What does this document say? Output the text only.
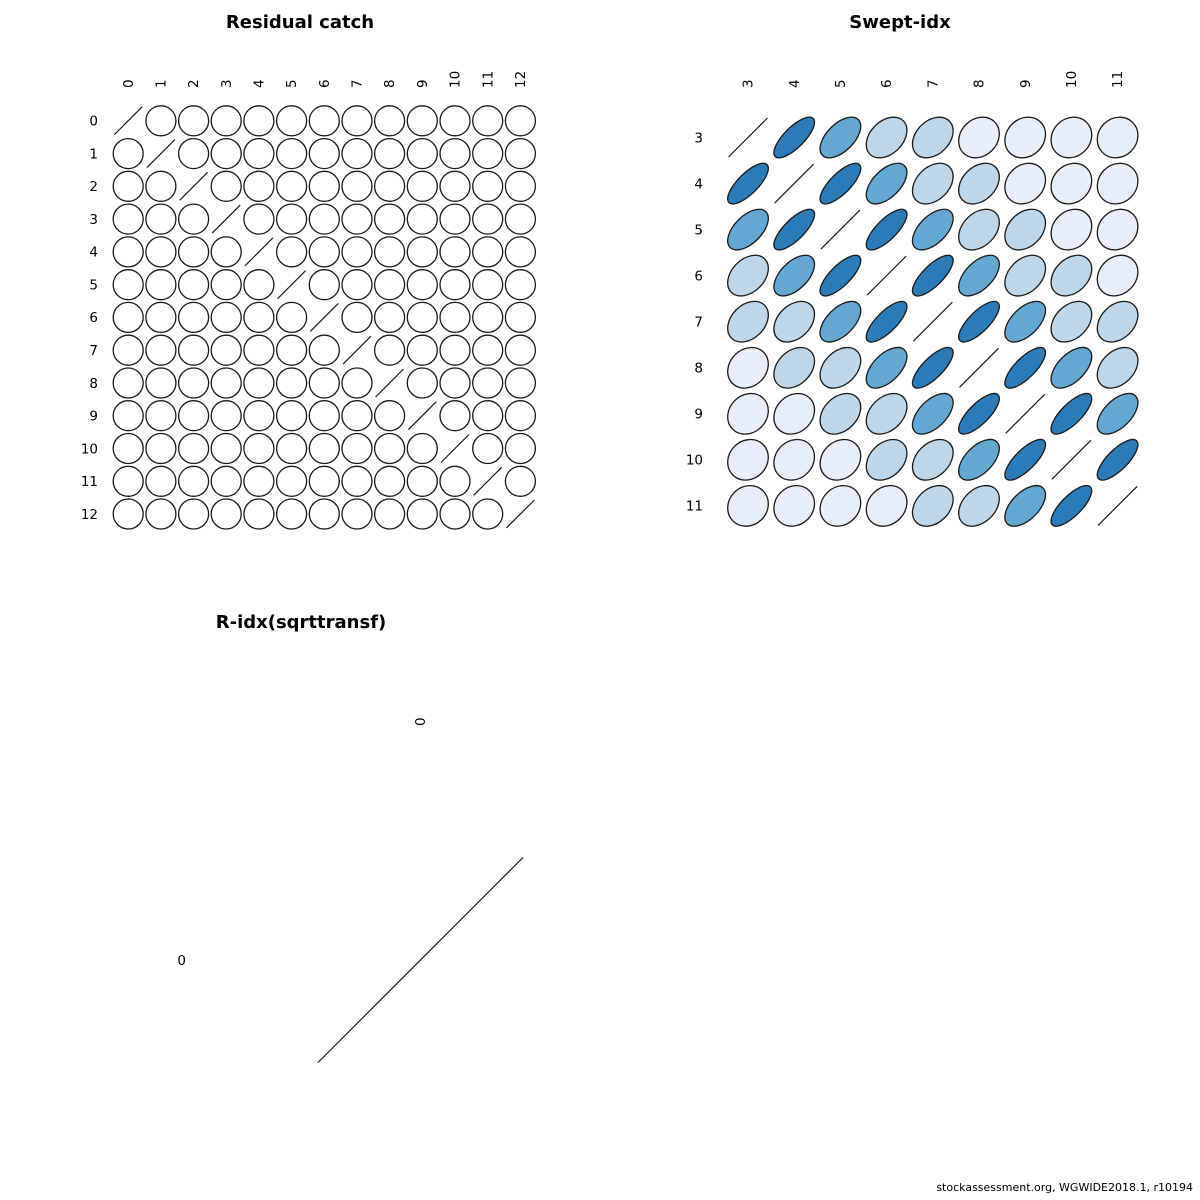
Residual catch	Swept-idx
R-idx(sqrttransf)
0 1 2 3 4 5 6 7 8 9 10 11 12
0
1
2
3
4
5
6
7
8
9
10
11
12
3 4 5 6 7 8 9 10 11
3
4
5
6
7
8
9
10
11
0
0
stockassessment.org, WGWIDE2018.1, r10194
